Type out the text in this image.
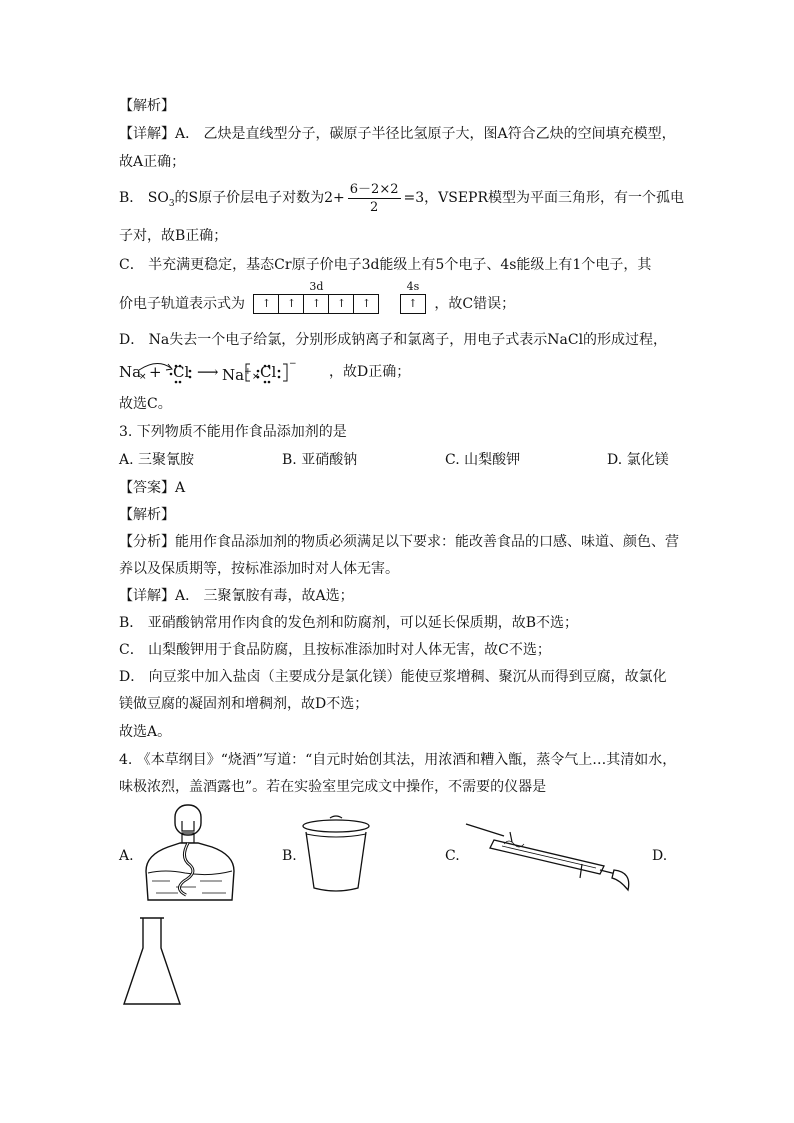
【解析】
【详解】A． 乙炔是直线型分子，碳原子半径比氢原子大，图A符合乙炔的空间填充模型，
故A正确；
B． $SO_3$的S原子价层电子对数为$2+ \frac{6-2\times 2}{2} =3$，VSEPR模型为平面三角形，有一个孤电
子对，故B正确；
C． 半充满更稳定，基态Cr原子价电子3d能级上有5个电子、4s能级上有1个电子，其
价电子轨道表示式为
3d
↑	↑	↑	↑	↑

4s
↑	，故C错误；
D． Na失去一个电子给氯，分别形成钠离子和氯离子，用电子式表示NaCl的形成过程，
×	×
Na + Cl ⟶ Na+ Cl − ，故D正确；
故选C。
3. 下列物质不能用作食品添加剂的是
A. 三聚氰胺	B. 亚硝酸钠	C. 山梨酸钾	D. 氯化镁
【答案】A
【解析】
【分析】能用作食品添加剂的物质必须满足以下要求：能改善食品的口感、味道、颜色、营
养以及保质期等，按标准添加时对人体无害。
【详解】A． 三聚氰胺有毒，故A选；
B． 亚硝酸钠常用作肉食的发色剂和防腐剂，可以延长保质期，故B不选；
C． 山梨酸钾用于食品防腐，且按标准添加时对人体无害，故C不选；
D． 向豆浆中加入盐卤（主要成分是氯化镁）能使豆浆增稠、聚沉从而得到豆腐，故氯化
镁做豆腐的凝固剂和增稠剂，故D不选；
故选A。
4. 《本草纲目》“烧酒”写道：“自元时始创其法，用浓酒和糟入甑，蒸令气上…其清如水，
味极浓烈，盖酒露也”。若在实验室里完成文中操作，不需要的仪器是
A.	B.	C.	D.
